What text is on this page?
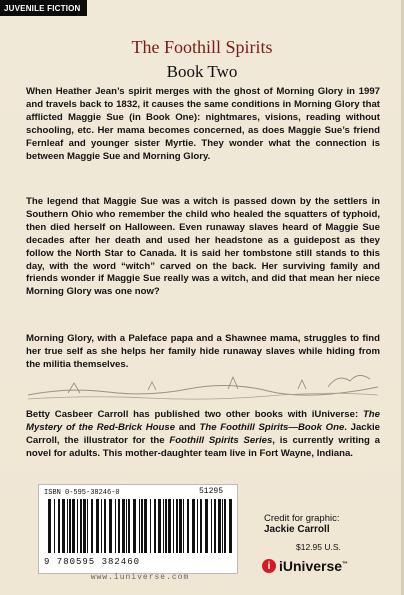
JUVENILE FICTION
The Foothill Spirits
Book Two

When Heather Jean’s spirit merges with the ghost of Morning Glory in 1997 and travels back to 1832, it causes the same conditions in Morning Glory that afflicted Maggie Sue (in Book One): nightmares, visions, reading without schooling, etc. Her mama becomes concerned, as does Maggie Sue’s friend Fernleaf and younger sister Myrtie. They wonder what the connection is between Maggie Sue and Morning Glory.

The legend that Maggie Sue was a witch is passed down by the settlers in Southern Ohio who remember the child who healed the squatters of typhoid, then died herself on Halloween. Even runaway slaves heard of Maggie Sue decades after her death and used her headstone as a guidepost as they follow the North Star to Canada. It is said her tombstone still stands to this day, with the word “witch” carved on the back. Her surviving family and friends wonder if Maggie Sue really was a witch, and did that mean her niece Morning Glory was one now?

Morning Glory, with a Paleface papa and a Shawnee mama, struggles to find her true self as she helps her family hide runaway slaves while hiding from the militia themselves.

Betty Casbeer Carroll has published two other books with iUniverse: The Mystery of the Red-Brick House and The Foothill Spirits—Book One. Jackie Carroll, the illustrator for the Foothill Spirits Series, is currently writing a novel for adults. This mother-daughter team live in Fort Wayne, Indiana.

ISBN 0-595-38246-0	51295
9 780595 382460
www.iuniverse.com
Credit for graphic:
Jackie Carroll
$12.95 U.S.
i iUniverse™
